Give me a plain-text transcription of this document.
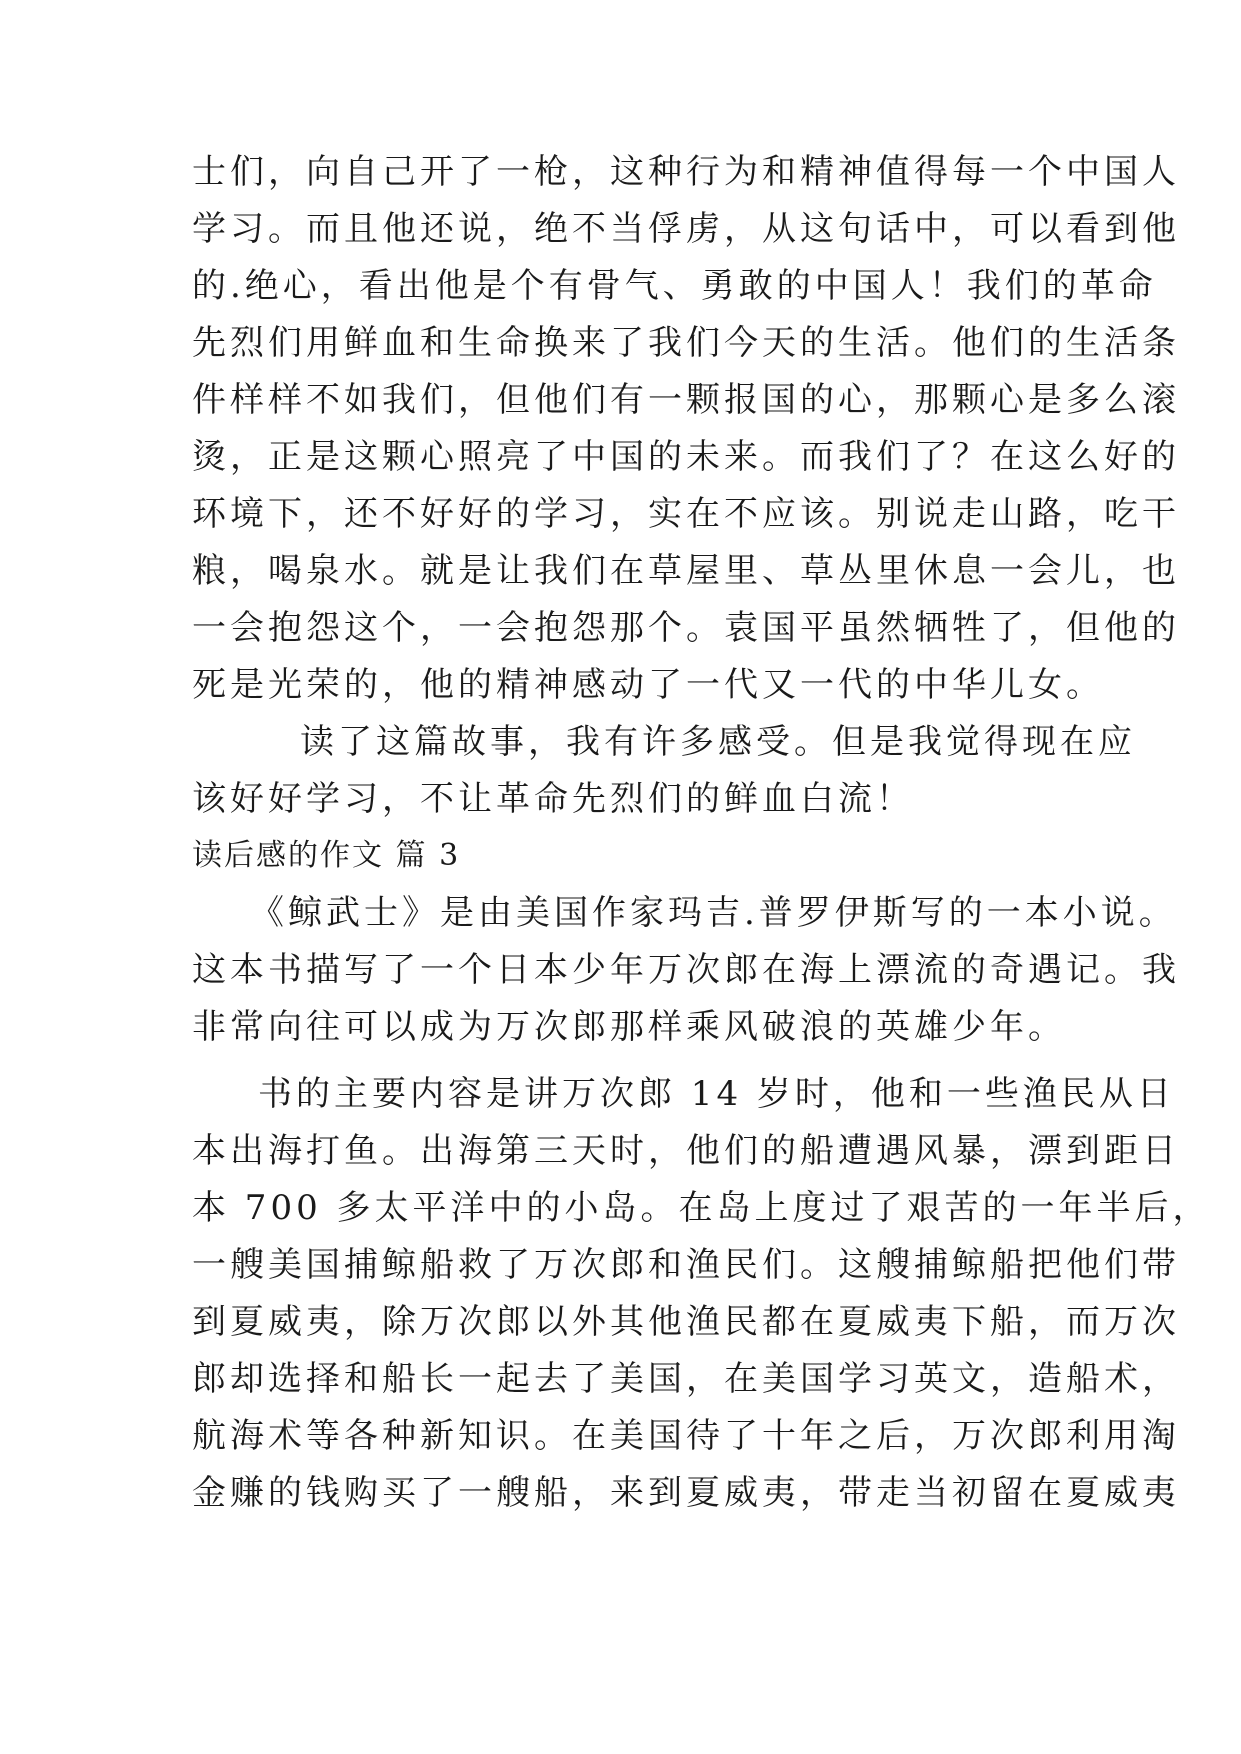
士们，向自己开了一枪，这种行为和精神值得每一个中国人
学习。而且他还说，绝不当俘虏，从这句话中，可以看到他
的.绝心，看出他是个有骨气、勇敢的中国人！我们的革命
先烈们用鲜血和生命换来了我们今天的生活。他们的生活条
件样样不如我们，但他们有一颗报国的心，那颗心是多么滚
烫，正是这颗心照亮了中国的未来。而我们了？在这么好的
环境下，还不好好的学习，实在不应该。别说走山路，吃干
粮，喝泉水。就是让我们在草屋里、草丛里休息一会儿，也
一会抱怨这个，一会抱怨那个。袁国平虽然牺牲了，但他的
死是光荣的，他的精神感动了一代又一代的中华儿女。
读了这篇故事，我有许多感受。但是我觉得现在应
该好好学习，不让革命先烈们的鲜血白流！
读后感的作文 篇 3
《鲸武士》是由美国作家玛吉.普罗伊斯写的一本小说。
这本书描写了一个日本少年万次郎在海上漂流的奇遇记。我
非常向往可以成为万次郎那样乘风破浪的英雄少年。
书的主要内容是讲万次郎 14 岁时，他和一些渔民从日
本出海打鱼。出海第三天时，他们的船遭遇风暴，漂到距日
本 700 多太平洋中的小岛。在岛上度过了艰苦的一年半后，
一艘美国捕鲸船救了万次郎和渔民们。这艘捕鲸船把他们带
到夏威夷，除万次郎以外其他渔民都在夏威夷下船，而万次
郎却选择和船长一起去了美国，在美国学习英文，造船术，
航海术等各种新知识。在美国待了十年之后，万次郎利用淘
金赚的钱购买了一艘船，来到夏威夷，带走当初留在夏威夷
